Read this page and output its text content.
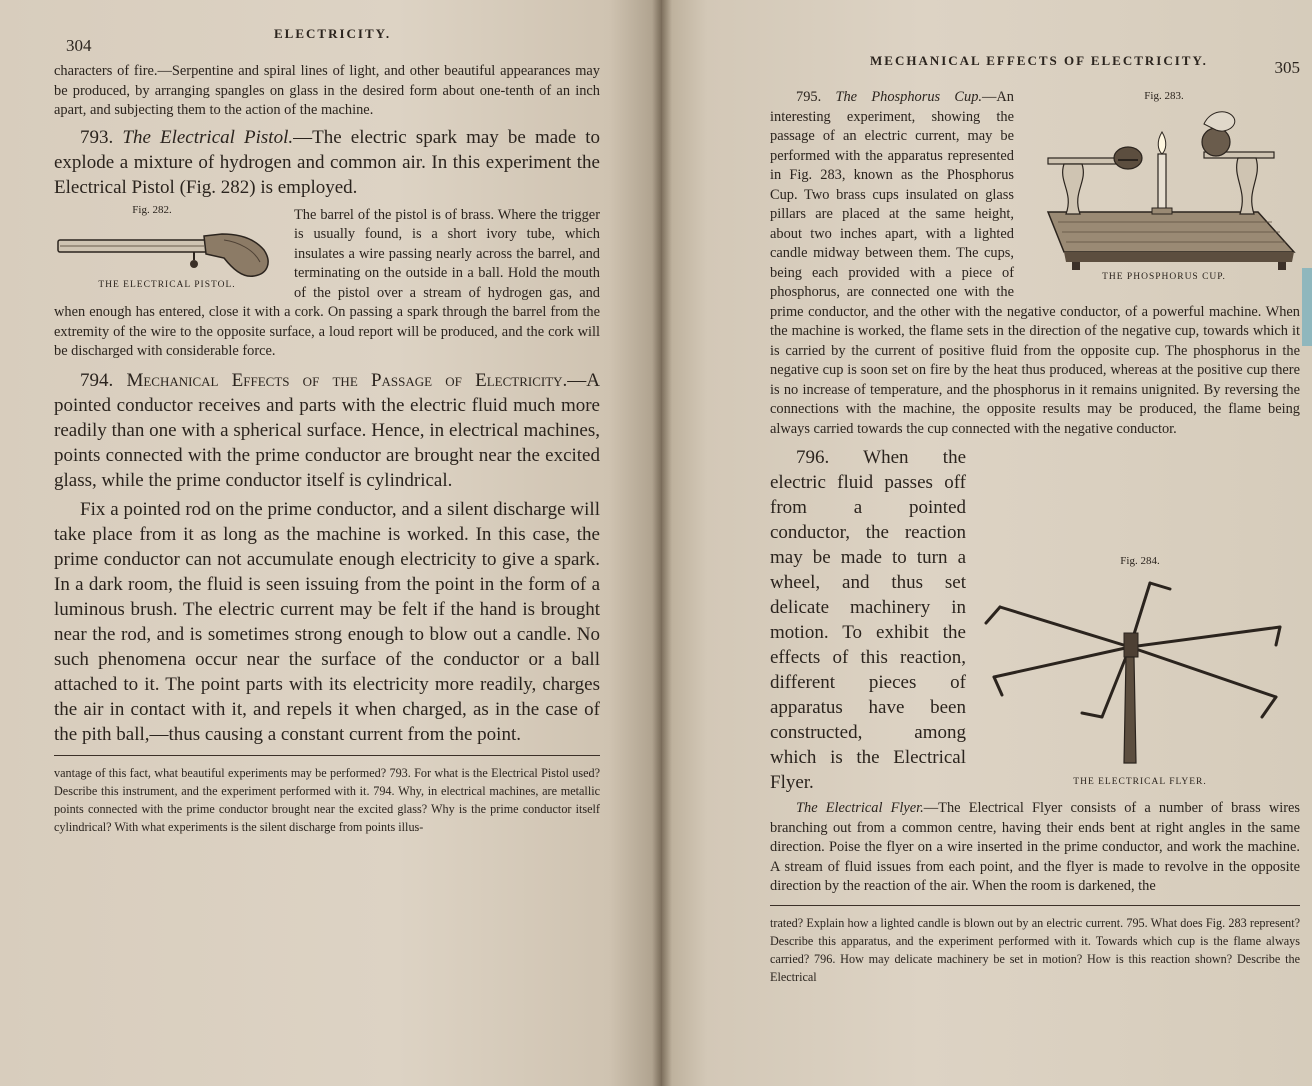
304
ELECTRICITY.

characters of fire.—Serpentine and spiral lines of light, and other beautiful appearances may be produced, by arranging spangles on glass in the desired form about one-tenth of an inch apart, and subjecting them to the action of the machine.

793. The Electrical Pistol.—The electric spark may be made to explode a mixture of hydrogen and common air. In this experiment the Electrical Pistol (Fig. 282) is employed.

Fig. 282.
THE ELECTRICAL PISTOL.

The barrel of the pistol is of brass. Where the trigger is usually found, is a short ivory tube, which insulates a wire passing nearly across the barrel, and terminating on the outside in a ball. Hold the mouth of the pistol over a stream of hydrogen gas, and when enough has entered, close it with a cork. On passing a spark through the barrel from the extremity of the wire to the opposite surface, a loud report will be produced, and the cork will be discharged with considerable force.

794. Mechanical Effects of the Passage of Electricity.—A pointed conductor receives and parts with the electric fluid much more readily than one with a spherical surface. Hence, in electrical machines, points connected with the prime conductor are brought near the excited glass, while the prime conductor itself is cylindrical.

Fix a pointed rod on the prime conductor, and a silent discharge will take place from it as long as the machine is worked. In this case, the prime conductor can not accumulate enough electricity to give a spark. In a dark room, the fluid is seen issuing from the point in the form of a luminous brush. The electric current may be felt if the hand is brought near the rod, and is sometimes strong enough to blow out a candle. No such phenomena occur near the surface of the conductor or a ball attached to it. The point parts with its electricity more readily, charges the air in contact with it, and repels it when charged, as in the case of the pith ball,—thus causing a constant current from the point.

vantage of this fact, what beautiful experiments may be performed? 793. For what is the Electrical Pistol used? Describe this instrument, and the experiment performed with it. 794. Why, in electrical machines, are metallic points connected with the prime conductor brought near the excited glass? Why is the prime conductor itself cylindrical? With what experiments is the silent discharge from points illus-

MECHANICAL EFFECTS OF ELECTRICITY.	305
Fig. 283.
THE PHOSPHORUS CUP.

795. The Phosphorus Cup.—An interesting experiment, showing the passage of an electric current, may be performed with the apparatus represented in Fig. 283, known as the Phosphorus Cup. Two brass cups insulated on glass pillars are placed at the same height, about two inches apart, with a lighted candle midway between them. The cups, being each provided with a piece of phosphorus, are connected one with the prime conductor, and the other with the negative conductor, of a powerful machine. When the machine is worked, the flame sets in the direction of the negative cup, towards which it is carried by the current of positive fluid from the opposite cup. The phosphorus in the negative cup is soon set on fire by the heat thus produced, whereas at the positive cup there is no increase of temperature, and the phosphorus in it remains unignited. By reversing the connections with the machine, the opposite results may be produced, the flame being always carried towards the cup connected with the negative conductor.

Fig. 284.
THE ELECTRICAL FLYER.

796. When the electric fluid passes off from a pointed conductor, the reaction may be made to turn a wheel, and thus set delicate machinery in motion. To exhibit the effects of this reaction, different pieces of apparatus have been constructed, among which is the Electrical Flyer.

The Electrical Flyer.—The Electrical Flyer consists of a number of brass wires branching out from a common centre, having their ends bent at right angles in the same direction. Poise the flyer on a wire inserted in the prime conductor, and work the machine. A stream of fluid issues from each point, and the flyer is made to revolve in the opposite direction by the reaction of the air. When the room is darkened, the

trated? Explain how a lighted candle is blown out by an electric current. 795. What does Fig. 283 represent? Describe this apparatus, and the experiment performed with it. Towards which cup is the flame always carried? 796. How may delicate machinery be set in motion? How is this reaction shown? Describe the Electrical
